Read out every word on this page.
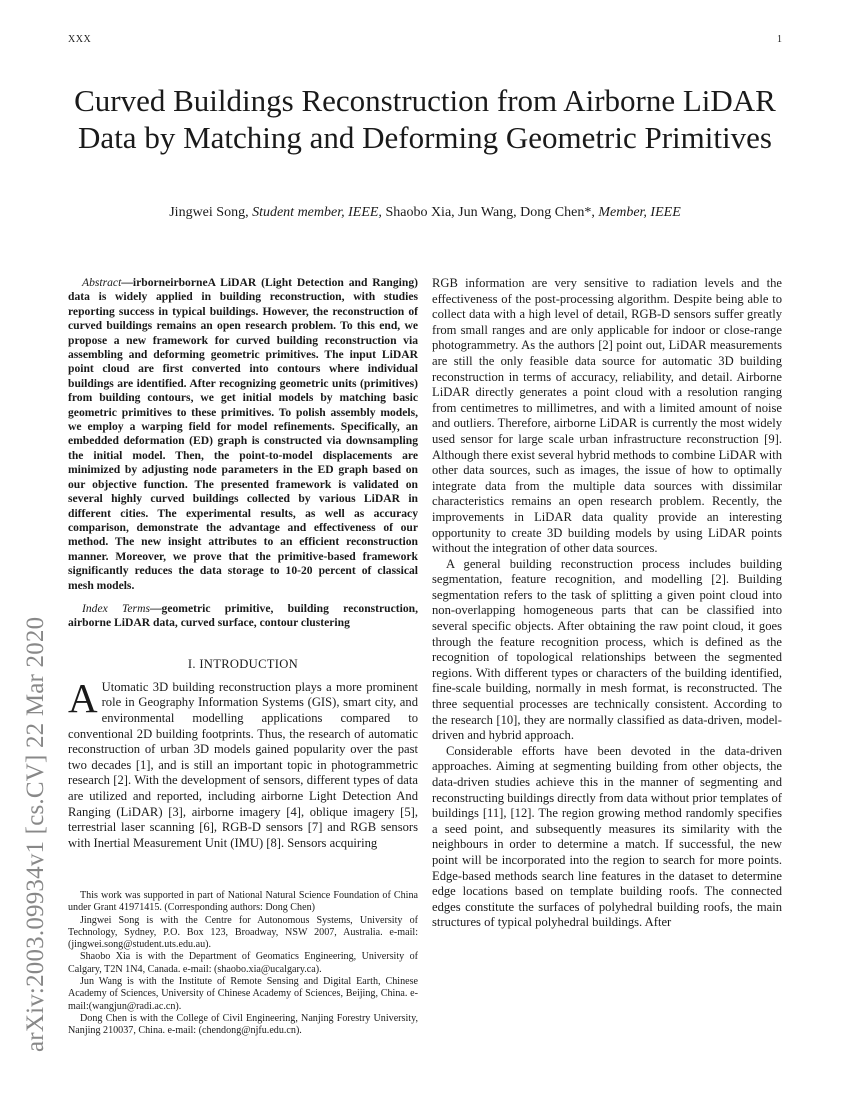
XXX	1
Curved Buildings Reconstruction from Airborne LiDAR Data by Matching and Deforming Geometric Primitives
Jingwei Song, Student member, IEEE, Shaobo Xia, Jun Wang, Dong Chen*, Member, IEEE
arXiv:2003.09934v1 [cs.CV] 22 Mar 2020

Abstract—irborneirborneA LiDAR (Light Detection and Ranging) data is widely applied in building reconstruction, with studies reporting success in typical buildings. However, the reconstruction of curved buildings remains an open research problem. To this end, we propose a new framework for curved building reconstruction via assembling and deforming geometric primitives. The input LiDAR point cloud are first converted into contours where individual buildings are identified. After recognizing geometric units (primitives) from building contours, we get initial models by matching basic geometric primitives to these primitives. To polish assembly models, we employ a warping field for model refinements. Specifically, an embedded deformation (ED) graph is constructed via downsampling the initial model. Then, the point-to-model displacements are minimized by adjusting node parameters in the ED graph based on our objective function. The presented framework is validated on several highly curved buildings collected by various LiDAR in different cities. The experimental results, as well as accuracy comparison, demonstrate the advantage and effectiveness of our method. The new insight attributes to an efficient reconstruction manner. Moreover, we prove that the primitive-based framework significantly reduces the data storage to 10-20 percent of classical mesh models.

Index Terms—geometric primitive, building reconstruction, airborne LiDAR data, curved surface, contour clustering

I. INTRODUCTION

A Utomatic 3D building reconstruction plays a more prominent role in Geography Information Systems (GIS), smart city, and environmental modelling applications compared to conventional 2D building footprints. Thus, the research of automatic reconstruction of urban 3D models gained popularity over the past two decades [1], and is still an important topic in photogrammetric research [2]. With the development of sensors, different types of data are utilized and reported, including airborne Light Detection And Ranging (LiDAR) [3], airborne imagery [4], oblique imagery [5], terrestrial laser scanning [6], RGB-D sensors [7] and RGB sensors with Inertial Measurement Unit (IMU) [8]. Sensors acquiring

This work was supported in part of National Natural Science Foundation of China under Grant 41971415. (Corresponding authors: Dong Chen)

Jingwei Song is with the Centre for Autonomous Systems, University of Technology, Sydney, P.O. Box 123, Broadway, NSW 2007, Australia. e-mail:(jingwei.song@student.uts.edu.au).

Shaobo Xia is with the Department of Geomatics Engineering, University of Calgary, T2N 1N4, Canada. e-mail: (shaobo.xia@ucalgary.ca).

Jun Wang is with the Institute of Remote Sensing and Digital Earth, Chinese Academy of Sciences, University of Chinese Academy of Sciences, Beijing, China. e-mail:(wangjun@radi.ac.cn).

Dong Chen is with the College of Civil Engineering, Nanjing Forestry University, Nanjing 210037, China. e-mail: (chendong@njfu.edu.cn).

RGB information are very sensitive to radiation levels and the effectiveness of the post-processing algorithm. Despite being able to collect data with a high level of detail, RGB-D sensors suffer greatly from small ranges and are only applicable for indoor or close-range photogrammetry. As the authors [2] point out, LiDAR measurements are still the only feasible data source for automatic 3D building reconstruction in terms of accuracy, reliability, and detail. Airborne LiDAR directly generates a point cloud with a resolution ranging from centimetres to millimetres, and with a limited amount of noise and outliers. Therefore, airborne LiDAR is currently the most widely used sensor for large scale urban infrastructure reconstruction [9]. Although there exist several hybrid methods to combine LiDAR with other data sources, such as images, the issue of how to optimally integrate data from the multiple data sources with dissimilar characteristics remains an open research problem. Recently, the improvements in LiDAR data quality provide an interesting opportunity to create 3D building models by using LiDAR points without the integration of other data sources.

A general building reconstruction process includes building segmentation, feature recognition, and modelling [2]. Building segmentation refers to the task of splitting a given point cloud into non-overlapping homogeneous parts that can be classified into several specific objects. After obtaining the raw point cloud, it goes through the feature recognition process, which is defined as the recognition of topological relationships between the segmented regions. With different types or characters of the building identified, fine-scale building, normally in mesh format, is reconstructed. The three sequential processes are technically consistent. According to the research [10], they are normally classified as data-driven, model-driven and hybrid approach.

Considerable efforts have been devoted in the data-driven approaches. Aiming at segmenting building from other objects, the data-driven studies achieve this in the manner of segmenting and reconstructing buildings directly from data without prior templates of buildings [11], [12]. The region growing method randomly specifies a seed point, and subsequently measures its similarity with the neighbours in order to determine a match. If successful, the new point will be incorporated into the region to search for more points. Edge-based methods search line features in the dataset to determine edge locations based on template building roofs. The connected edges constitute the surfaces of polyhedral building roofs, the main structures of typical polyhedral buildings. After
